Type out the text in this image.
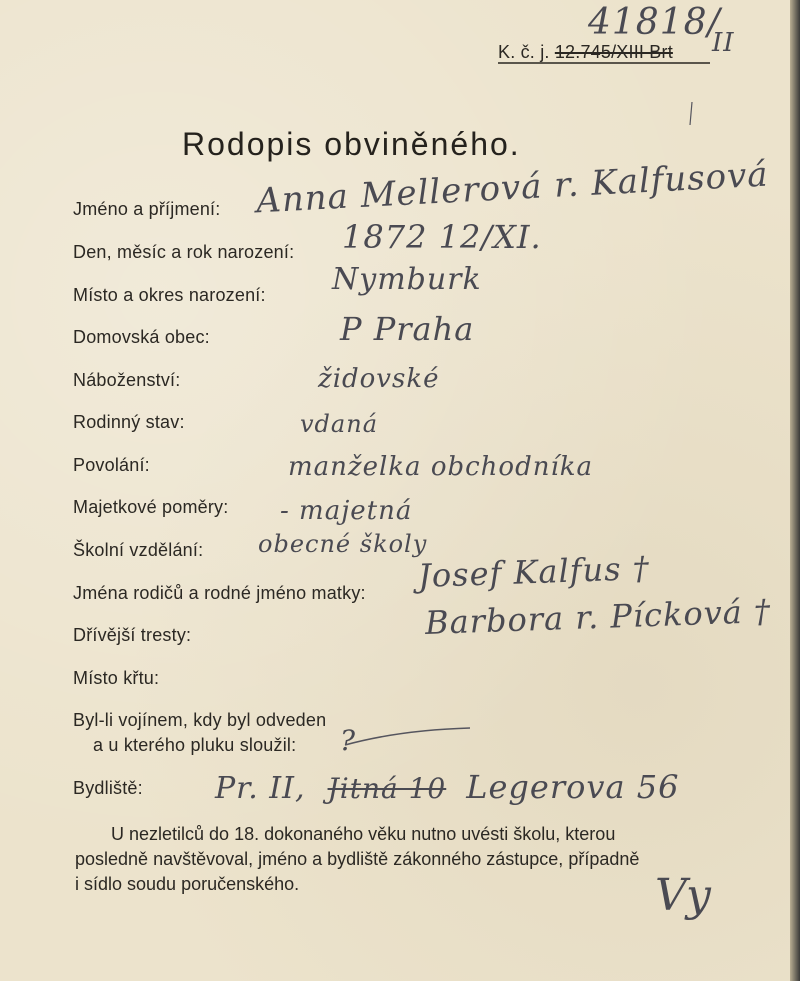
K. č. j. 12.745/XIII Brt II
41818/
Rodopis obviněného.
Jméno a příjmení:
Den, měsíc a rok narození:
Místo a okres narození:
Domovská obec:
Náboženství:
Rodinný stav:
Povolání:
Majetkové poměry:
Školní vzdělání:
Jména rodičů a rodné jméno matky:
Dřívější tresty:
Místo křtu:
Byl-li vojínem, kdy byl odveden
a u kterého pluku sloužil:
Bydliště:
Anna Mellerová r. Kalfusová
1872 12/XI.
Nymburk
P Praha
židovské
vdaná
manželka obchodníka
- majetná
obecné školy
Josef Kalfus †
Barbora r. Pícková †
?
Pr. II, Jitná 10 Legerova 56

U nezletilců do 18. dokonaného věku nutno uvésti školu, kterou

posledně navštěvoval, jméno a bydliště zákonného zástupce, případně

i sídlo soudu poručenského.	Vy
